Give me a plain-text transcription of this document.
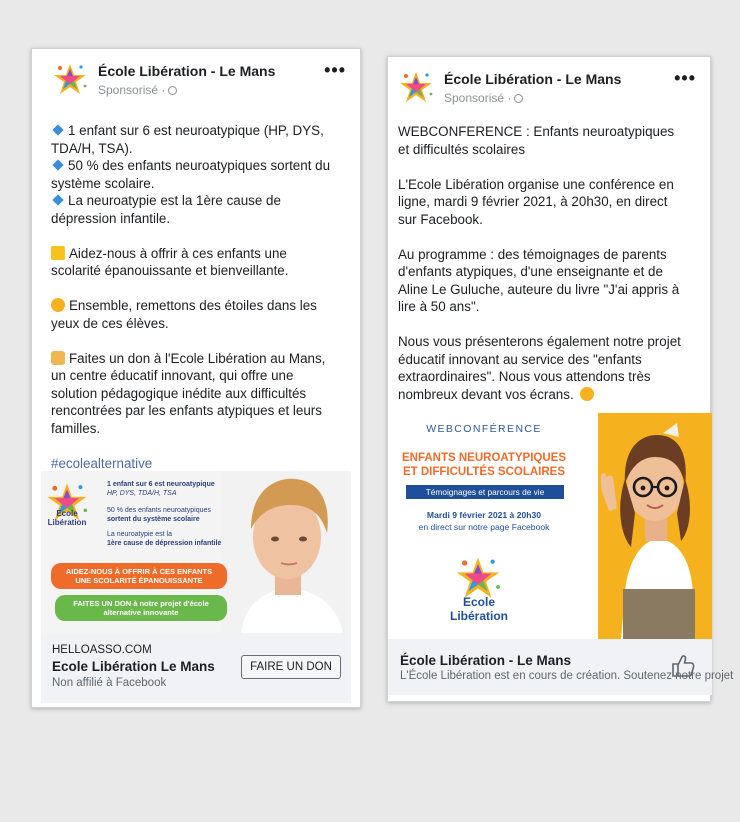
École Libération - Le Mans
Sponsorisé ·
•••

1 enfant sur 6 est neuroatypique (HP, DYS,

TDA/H, TSA).

50 % des enfants neuroatypiques sortent du

système scolaire.

La neuroatypie est la 1ère cause de

dépression infantile.

Aidez-nous à offrir à ces enfants une

scolarité épanouissante et bienveillante.

Ensemble, remettons des étoiles dans les

yeux de ces élèves.

Faites un don à l'Ecole Libération au Mans,

un centre éducatif innovant, qui offre une

solution pédagogique inédite aux difficultés

rencontrées par les enfants atypiques et leurs

familles.

#ecolealternative

Ecole
Libération
1 enfant sur 6 est neuroatypique
HP, DYS, TDA/H, TSA
50 % des enfants neuroatypiques
sortent du système scolaire
La neuroatypie est la
1ère cause de dépression infantile
AIDEZ-NOUS À OFFRIR À CES ENFANTS
UNE SCOLARITÉ ÉPANOUISSANTE
FAITES UN DON à notre projet d'école
alternative innovante
HELLOASSO.COM
Ecole Libération Le Mans
Non affilié à Facebook
FAIRE UN DON
École Libération - Le Mans
Sponsorisé ·
•••

WEBCONFERENCE : Enfants neuroatypiques

et difficultés scolaires

L'Ecole Libération organise une conférence en

ligne, mardi 9 février 2021, à 20h30, en direct

sur Facebook.

Au programme : des témoignages de parents

d'enfants atypiques, d'une enseignante et de

Aline Le Guluche, auteure du livre "J'ai appris à

lire à 50 ans".

Nous vous présenterons également notre projet

éducatif innovant au service des "enfants

extraordinaires". Nous vous attendons très

nombreux devant vos écrans.

WEBCONFÉRENCE
ENFANTS NEUROATYPIQUES
ET DIFFICULTÉS SCOLAIRES
Témoignages et parcours de vie
Mardi 9 février 2021 à 20h30
en direct sur notre page Facebook
Ecole
Libération
École Libération - Le Mans
L'École Libération est en cours de création. Soutenez notre projet
